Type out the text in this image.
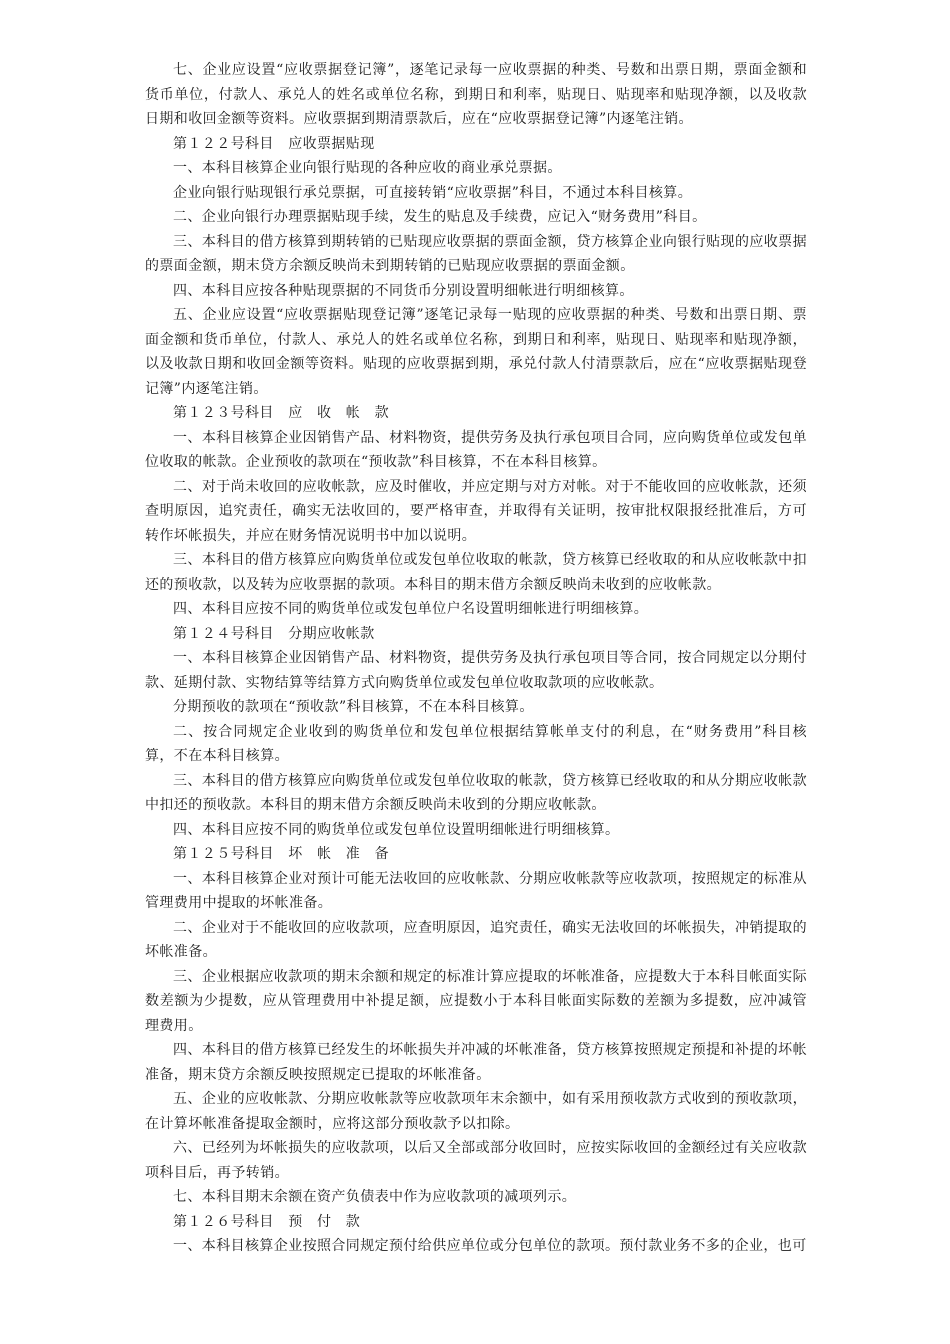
七、企业应设置“应收票据登记簿”，逐笔记录每一应收票据的种类、号数和出票日期，票面金额和货币单位，付款人、承兑人的姓名或单位名称，到期日和利率，贴现日、贴现率和贴现净额，以及收款日期和收回金额等资料。应收票据到期清票款后，应在“应收票据登记簿”内逐笔注销。

第１２２号科目　应收票据贴现

一、本科目核算企业向银行贴现的各种应收的商业承兑票据。

企业向银行贴现银行承兑票据，可直接转销“应收票据”科目，不通过本科目核算。

二、企业向银行办理票据贴现手续，发生的贴息及手续费，应记入“财务费用”科目。

三、本科目的借方核算到期转销的已贴现应收票据的票面金额，贷方核算企业向银行贴现的应收票据的票面金额，期末贷方余额反映尚未到期转销的已贴现应收票据的票面金额。

四、本科目应按各种贴现票据的不同货币分别设置明细帐进行明细核算。

五、企业应设置“应收票据贴现登记簿”逐笔记录每一贴现的应收票据的种类、号数和出票日期、票面金额和货币单位，付款人、承兑人的姓名或单位名称，到期日和利率，贴现日、贴现率和贴现净额，以及收款日期和收回金额等资料。贴现的应收票据到期，承兑付款人付清票款后，应在“应收票据贴现登记簿”内逐笔注销。

第１２３号科目　应　收　帐　款

一、本科目核算企业因销售产品、材料物资，提供劳务及执行承包项目合同，应向购货单位或发包单位收取的帐款。企业预收的款项在“预收款”科目核算，不在本科目核算。

二、对于尚未收回的应收帐款，应及时催收，并应定期与对方对帐。对于不能收回的应收帐款，还须查明原因，追究责任，确实无法收回的，要严格审查，并取得有关证明，按审批权限报经批准后，方可转作坏帐损失，并应在财务情况说明书中加以说明。

三、本科目的借方核算应向购货单位或发包单位收取的帐款，贷方核算已经收取的和从应收帐款中扣还的预收款，以及转为应收票据的款项。本科目的期末借方余额反映尚未收到的应收帐款。

四、本科目应按不同的购货单位或发包单位户名设置明细帐进行明细核算。

第１２４号科目　分期应收帐款

一、本科目核算企业因销售产品、材料物资，提供劳务及执行承包项目等合同，按合同规定以分期付款、延期付款、实物结算等结算方式向购货单位或发包单位收取款项的应收帐款。

分期预收的款项在“预收款”科目核算，不在本科目核算。

二、按合同规定企业收到的购货单位和发包单位根据结算帐单支付的利息，在“财务费用”科目核算，不在本科目核算。

三、本科目的借方核算应向购货单位或发包单位收取的帐款，贷方核算已经收取的和从分期应收帐款中扣还的预收款。本科目的期末借方余额反映尚未收到的分期应收帐款。

四、本科目应按不同的购货单位或发包单位设置明细帐进行明细核算。

第１２５号科目　坏　帐　准　备

一、本科目核算企业对预计可能无法收回的应收帐款、分期应收帐款等应收款项，按照规定的标准从管理费用中提取的坏帐准备。

二、企业对于不能收回的应收款项，应查明原因，追究责任，确实无法收回的坏帐损失，冲销提取的坏帐准备。

三、企业根据应收款项的期末余额和规定的标准计算应提取的坏帐准备，应提数大于本科目帐面实际数差额为少提数，应从管理费用中补提足额，应提数小于本科目帐面实际数的差额为多提数，应冲减管理费用。

四、本科目的借方核算已经发生的坏帐损失并冲减的坏帐准备，贷方核算按照规定预提和补提的坏帐准备，期末贷方余额反映按照规定已提取的坏帐准备。

五、企业的应收帐款、分期应收帐款等应收款项年末余额中，如有采用预收款方式收到的预收款项，在计算坏帐准备提取金额时，应将这部分预收款予以扣除。

六、已经列为坏帐损失的应收款项，以后又全部或部分收回时，应按实际收回的金额经过有关应收款项科目后，再予转销。

七、本科目期末余额在资产负债表中作为应收款项的减项列示。

第１２６号科目　预　付　款

一、本科目核算企业按照合同规定预付给供应单位或分包单位的款项。预付款业务不多的企业，也可
